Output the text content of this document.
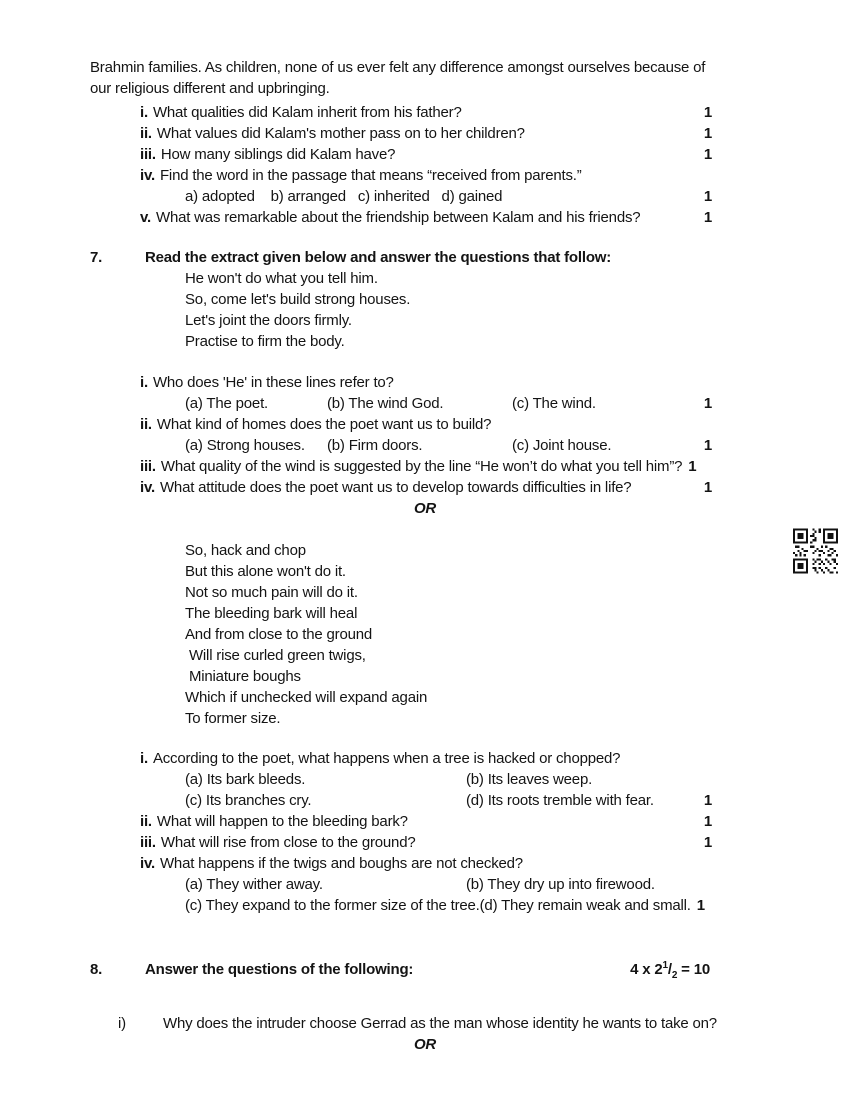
Brahmin families. As children, none of us ever felt any difference amongst ourselves because of
our religious different and upbringing.
i. What qualities did Kalam inherit from his father?	1
ii. What values did Kalam's mother pass on to her children?	1
iii. How many siblings did Kalam have?	1
iv. Find the word in the passage that means “received from parents.”
a) adopted    b) arranged   c) inherited   d) gained	1
v. What was remarkable about the friendship between Kalam and his friends?	1
7.	Read the extract given below and answer the questions that follow:
He won't do what you tell him.
So, come let's build strong houses.
Let's joint the doors firmly.
Practise to firm the body.
i. Who does 'He' in these lines refer to?
(a) The poet.	(b) The wind God.	(c) The wind.	1
ii. What kind of homes does the poet want us to build?
(a) Strong houses.	(b) Firm doors.	(c) Joint house.	1
iii. What quality of the wind is suggested by the line “He won’t do what you tell him”? 1
iv. What attitude does the poet want us to develop towards difficulties in life?	1
OR
So, hack and chop
But this alone won't do it.
Not so much pain will do it.
The bleeding bark will heal
And from close to the ground
Will rise curled green twigs,
Miniature boughs
Which if unchecked will expand again
To former size.
i. According to the poet, what happens when a tree is hacked or chopped?
(a) Its bark bleeds.	(b) Its leaves weep.
(c) Its branches cry.	(d) Its roots tremble with fear.	1
ii. What will happen to the bleeding bark?	1
iii. What will rise from close to the ground?	1
iv. What happens if the twigs and boughs are not checked?
(a) They wither away.	(b) They dry up into firewood.
(c) They expand to the former size of the tree.(d) They remain weak and small. 1
8.	Answer the questions of the following:	4 x $2^1/_2 = 10$
i)	Why does the intruder choose Gerrad as the man whose identity he wants to take on?
OR
